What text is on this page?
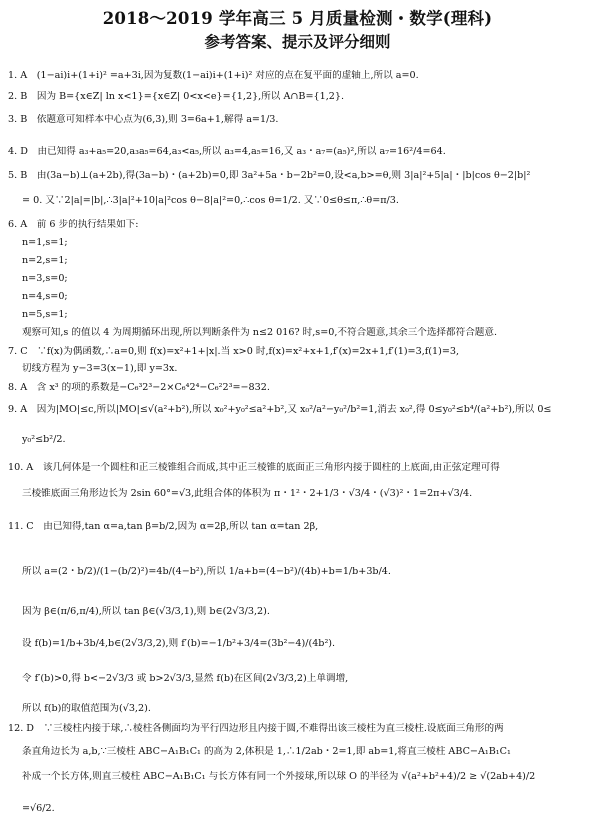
2018～2019 学年高三 5 月质量检测・数学(理科)
参考答案、提示及评分细则
1. A　(1−ai)i+(1+i)² =a+3i,因为复数(1−ai)i+(1+i)² 对应的点在复平面的虚轴上,所以 a=0.
2. B　因为 B={x∈Z| ln x<1}={x∈Z| 0<x<e}={1,2},所以 A∩B={1,2}.
3. B　依题意可知样本中心点为(6,3),则 3=6a+1,解得 a=1/3.
4. D　由已知得 a₃+a₅=20,a₃a₅=64,a₃<a₅,所以 a₃=4,a₅=16,又 a₃・a₇=(a₅)²,所以 a₇=16²/4=64.
5. B　由(3a−b)⊥(a+2b),得(3a−b)・(a+2b)=0,即 3a²+5a・b−2b²=0,设<a,b>=θ,则 3|a|²+5|a|・|b|cos θ−2|b|²
= 0. 又∵2|a|=|b|,∴3|a|²+10|a|²cos θ−8|a|²=0,∴cos θ=1/2. 又∵0≤θ≤π,∴θ=π/3.
6. A　前 6 步的执行结果如下:
n=1,s=1;
n=2,s=1;
n=3,s=0;
n=4,s=0;
n=5,s=1;
观察可知,s 的值以 4 为周期循环出现,所以判断条件为 n≤2 016? 时,s=0,不符合题意,其余三个选择都符合题意.
7. C　∵f(x)为偶函数,∴a=0,则 f(x)=x²+1+|x|.当 x>0 时,f(x)=x²+x+1,f′(x)=2x+1,f′(1)=3,f(1)=3,
切线方程为 y−3=3(x−1),即 y=3x.
8. A　含 x³ 的项的系数是−C₆³2³−2×C₆⁴2⁴−C₆²2³=−832.
9. A　因为|MO|≤c,所以|MO|≤√(a²+b²),所以 x₀²+y₀²≤a²+b²,又 x₀²/a²−y₀²/b²=1,消去 x₀²,得 0≤y₀²≤b⁴/(a²+b²),所以 0≤
y₀²≤b²/2.
10. A　该几何体是一个圆柱和正三棱锥组合而成,其中正三棱锥的底面正三角形内接于圆柱的上底面,由正弦定理可得
三棱锥底面三角形边长为 2sin 60°=√3,此组合体的体积为 π・1²・2+1/3・√3/4・(√3)²・1=2π+√3/4.
11. C　由已知得,tan α=a,tan β=b/2,因为 α=2β,所以 tan α=tan 2β,
所以 a=(2・b/2)/(1−(b/2)²)=4b/(4−b²),所以 1/a+b=(4−b²)/(4b)+b=1/b+3b/4.
因为 β∈(π/6,π/4),所以 tan β∈(√3/3,1),则 b∈(2√3/3,2).
设 f(b)=1/b+3b/4,b∈(2√3/3,2),则 f′(b)=−1/b²+3/4=(3b²−4)/(4b²).
令 f′(b)>0,得 b<−2√3/3 或 b>2√3/3,显然 f(b)在区间(2√3/3,2)上单调增,
所以 f(b)的取值范围为(√3,2).
12. D　∵三棱柱内接于球,∴棱柱各侧面均为平行四边形且内接于圆,不难得出该三棱柱为直三棱柱.设底面三角形的两
条直角边长为 a,b,∵三棱柱 ABC−A₁B₁C₁ 的高为 2,体积是 1,∴1/2ab・2=1,即 ab=1,将直三棱柱 ABC−A₁B₁C₁
补成一个长方体,则直三棱柱 ABC−A₁B₁C₁ 与长方体有同一个外接球,所以球 O 的半径为 √(a²+b²+4)/2 ≥ √(2ab+4)/2
=√6/2.
